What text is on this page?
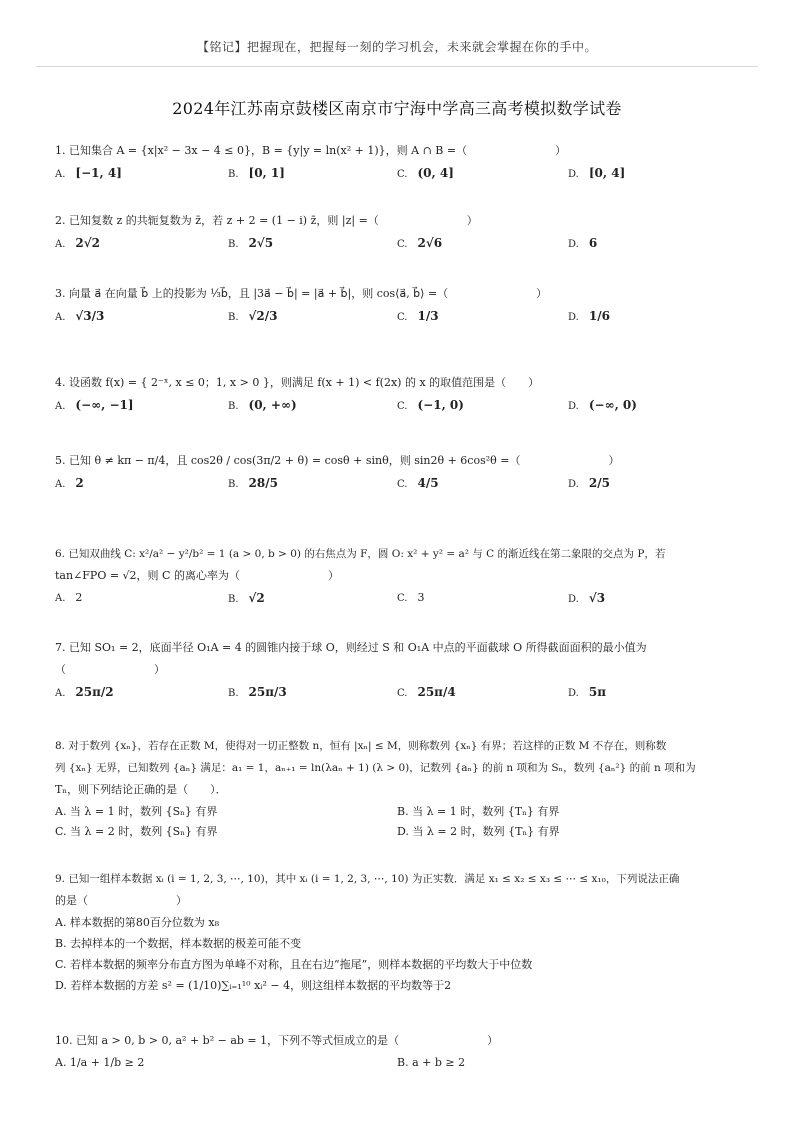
【铭记】把握现在，把握每一刻的学习机会，未来就会掌握在你的手中。
2024年江苏南京鼓楼区南京市宁海中学高三高考模拟数学试卷
1. 已知集合 A = {x|x² − 3x − 4 ≤ 0}，B = {y|y = ln(x² + 1)}，则 A ∩ B =（　　　　　　　　）
A. [−1, 4]	B. [0, 1]	C. (0, 4]	D. [0, 4]
2. 已知复数 z 的共轭复数为 z̄，若 z + 2 = (1 − i) z̄，则 |z| =（　　　　　　　　）
A. 2√2	B. 2√5	C. 2√6	D. 6
3. 向量 a⃗ 在向量 b⃗ 上的投影为 ⅓b⃗，且 |3a⃗ − b⃗| = |a⃗ + b⃗|，则 cos⟨a⃗, b⃗⟩ =（　　　　　　　　）
A. √3/3	B. √2/3	C. 1/3	D. 1/6
4. 设函数 f(x) = { 2⁻ˣ, x ≤ 0；1, x > 0 }，则满足 f(x + 1) < f(2x) 的 x 的取值范围是（　　）
A. (−∞, −1]	B. (0, +∞)	C. (−1, 0)	D. (−∞, 0)
5. 已知 θ ≠ kπ − π/4，且 cos2θ / cos(3π/2 + θ) = cosθ + sinθ，则 sin2θ + 6cos²θ =（　　　　　　　　）
A. 2	B. 28/5	C. 4/5	D. 2/5
6. 已知双曲线 C: x²/a² − y²/b² = 1 (a > 0, b > 0) 的右焦点为 F，圆 O: x² + y² = a² 与 C 的渐近线在第二象限的交点为 P，若
tan∠FPO = √2，则 C 的离心率为（　　　　　　　　）
A. 2	B. √2	C. 3	D. √3
7. 已知 SO₁ = 2，底面半径 O₁A = 4 的圆锥内接于球 O，则经过 S 和 O₁A 中点的平面截球 O 所得截面面积的最小值为
（　　　　　　　　）
A. 25π/2	B. 25π/3	C. 25π/4	D. 5π
8. 对于数列 {xₙ}，若存在正数 M，使得对一切正整数 n，恒有 |xₙ| ≤ M，则称数列 {xₙ} 有界；若这样的正数 M 不存在，则称数
列 {xₙ} 无界，已知数列 {aₙ} 满足：a₁ = 1，aₙ₊₁ = ln(λaₙ + 1) (λ > 0)，记数列 {aₙ} 的前 n 项和为 Sₙ，数列 {aₙ²} 的前 n 项和为
Tₙ，则下列结论正确的是（　　）．
A. 当 λ = 1 时，数列 {Sₙ} 有界	B. 当 λ = 1 时，数列 {Tₙ} 有界
C. 当 λ = 2 时，数列 {Sₙ} 有界	D. 当 λ = 2 时，数列 {Tₙ} 有界
9. 已知一组样本数据 xᵢ (i = 1, 2, 3, ⋯, 10)，其中 xᵢ (i = 1, 2, 3, ⋯, 10) 为正实数．满足 x₁ ≤ x₂ ≤ x₃ ≤ ⋯ ≤ x₁₀，下列说法正确
的是（　　　　　　　　）
A. 样本数据的第80百分位数为 x₈
B. 去掉样本的一个数据，样本数据的极差可能不变
C. 若样本数据的频率分布直方图为单峰不对称，且在右边“拖尾”，则样本数据的平均数大于中位数
D. 若样本数据的方差 s² = (1/10)∑ᵢ₌₁¹⁰ xᵢ² − 4，则这组样本数据的平均数等于2
10. 已知 a > 0, b > 0, a² + b² − ab = 1，下列不等式恒成立的是（　　　　　　　　）
A. 1/a + 1/b ≥ 2	B. a + b ≥ 2
